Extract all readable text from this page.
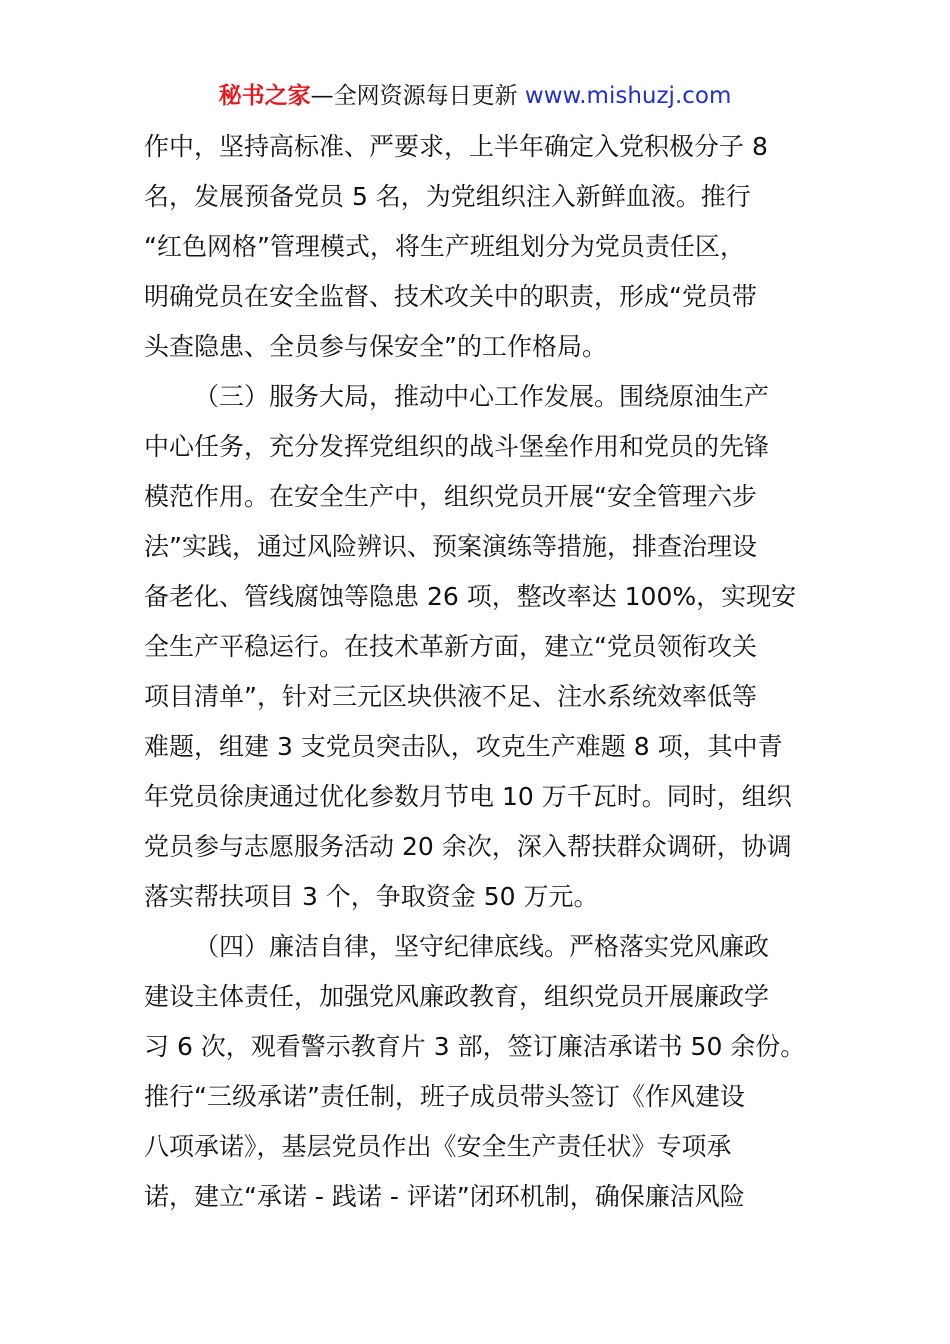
秘书之家—全网资源每日更新 www.mishuzj.com
作中，坚持高标准、严要求，上半年确定入党积极分子 8
名，发展预备党员 5 名，为党组织注入新鲜血液。推行
“红色网格”管理模式，将生产班组划分为党员责任区，
明确党员在安全监督、技术攻关中的职责，形成“党员带
头查隐患、全员参与保安全”的工作格局。
（三）服务大局，推动中心工作发展。围绕原油生产
中心任务，充分发挥党组织的战斗堡垒作用和党员的先锋
模范作用。在安全生产中，组织党员开展“安全管理六步
法”实践，通过风险辨识、预案演练等措施，排查治理设
备老化、管线腐蚀等隐患 26 项，整改率达 100%，实现安
全生产平稳运行。在技术革新方面，建立“党员领衔攻关
项目清单”，针对三元区块供液不足、注水系统效率低等
难题，组建 3 支党员突击队，攻克生产难题 8 项，其中青
年党员徐庚通过优化参数月节电 10 万千瓦时。同时，组织
党员参与志愿服务活动 20 余次，深入帮扶群众调研，协调
落实帮扶项目 3 个，争取资金 50 万元。
（四）廉洁自律，坚守纪律底线。严格落实党风廉政
建设主体责任，加强党风廉政教育，组织党员开展廉政学
习 6 次，观看警示教育片 3 部，签订廉洁承诺书 50 余份。
推行“三级承诺”责任制，班子成员带头签订《作风建设
八项承诺》，基层党员作出《安全生产责任状》专项承
诺，建立“承诺 - 践诺 - 评诺”闭环机制，确保廉洁风险
